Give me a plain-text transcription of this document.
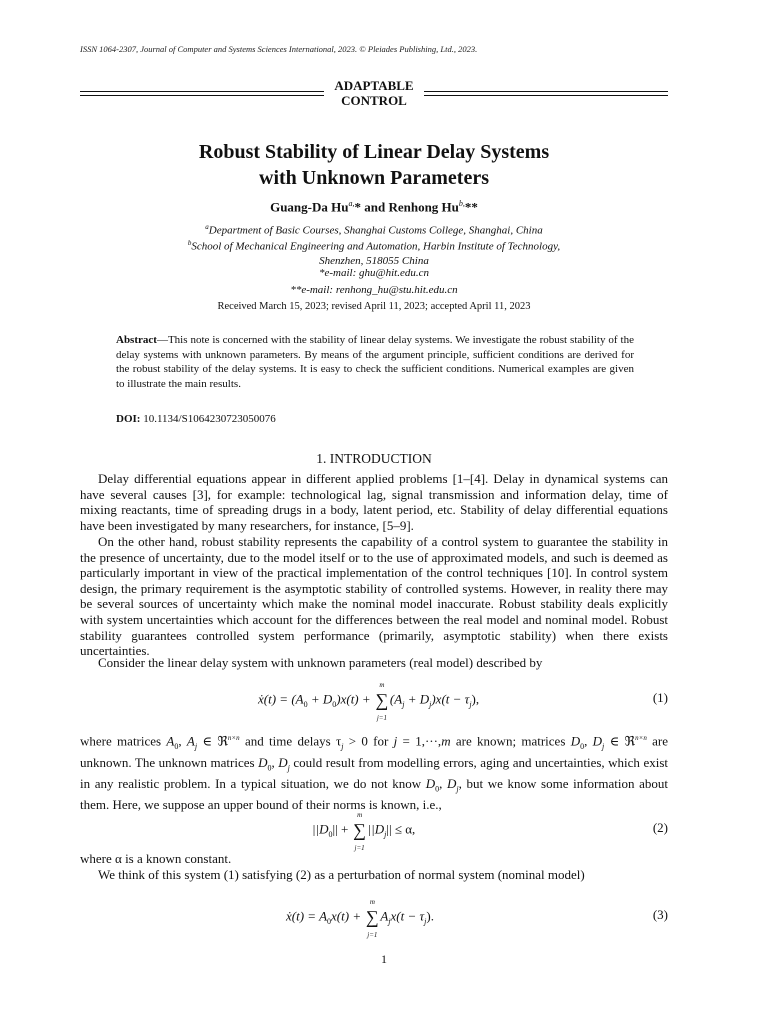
ISSN 1064-2307, Journal of Computer and Systems Sciences International, 2023. © Pleiades Publishing, Ltd., 2023.
ADAPTABLE
CONTROL
Robust Stability of Linear Delay Systems
with Unknown Parameters
Guang-Da $Hu^{a,}*$ and Renhong $Hu^{b,}**$
$^a$Department of Basic Courses, Shanghai Customs College, Shanghai, China
$^b$School of Mechanical Engineering and Automation, Harbin Institute of Technology,
Shenzhen, 518055 China
*e-mail: ghu@hit.edu.cn
**e-mail: renhong_hu@stu.hit.edu.cn
Received March 15, 2023; revised April 11, 2023; accepted April 11, 2023
Abstract—This note is concerned with the stability of linear delay systems. We investigate the robust stability of the delay systems with unknown parameters. By means of the argument principle, sufficient conditions are derived for the robust stability of the delay systems. It is easy to check the sufficient conditions. Numerical examples are given to illustrate the main results.
DOI: 10.1134/S1064230723050076
1. INTRODUCTION
Delay differential equations appear in different applied problems [1–[4]. Delay in dynamical systems can have several causes [3], for example: technological lag, signal transmission and information delay, time of mixing reactants, time of spreading drugs in a body, latent period, etc. Stability of delay differential equations have been investigated by many researchers, for instance, [5–9].
On the other hand, robust stability represents the capability of a control system to guarantee the stability in the presence of uncertainty, due to the model itself or to the use of approximated models, and such is deemed as particularly important in view of the practical implementation of the control techniques [10]. In control system design, the primary requirement is the asymptotic stability of controlled systems. However, in reality there may be several sources of uncertainty which make the nominal model inaccurate. Robust stability deals explicitly with system uncertainties which account for the differences between the real model and nominal model. Robust stability guarantees controlled system performance (primarily, asymptotic stability) when there exists uncertainties.
Consider the linear delay system with unknown parameters (real model) described by
ẋ(t) = $(A_0 + D_0)x(t)$ +
m
∑
j=1
$(A_j + D_j)x(t - \tau_j)$,	(1)
where matrices $A_0$, $A_j$ ∈ ℜ$^{n\times n}$ and time delays $\tau_j > 0$ for j = 1,···,m are known; matrices $D_0$, $D_j$ ∈ ℜ$^{n\times n}$ are unknown. The unknown matrices $D_0$, $D_j$ could result from modelling errors, aging and uncertainties, which exist in any realistic problem. In a typical situation, we do not know $D_0$, $D_j$, but we know some information about them. Here, we suppose an upper bound of their norms is known, i.e.,
$||D_0||$ +
m
∑
j=1
$||D_j|| \le \alpha$,	(2)
where α is a known constant.
We think of this system (1) satisfying (2) as a perturbation of normal system (nominal model)
ẋ(t) = $A_0x(t)$ +
m
∑
j=1
$A_jx(t - \tau_j)$.	(3)
1
